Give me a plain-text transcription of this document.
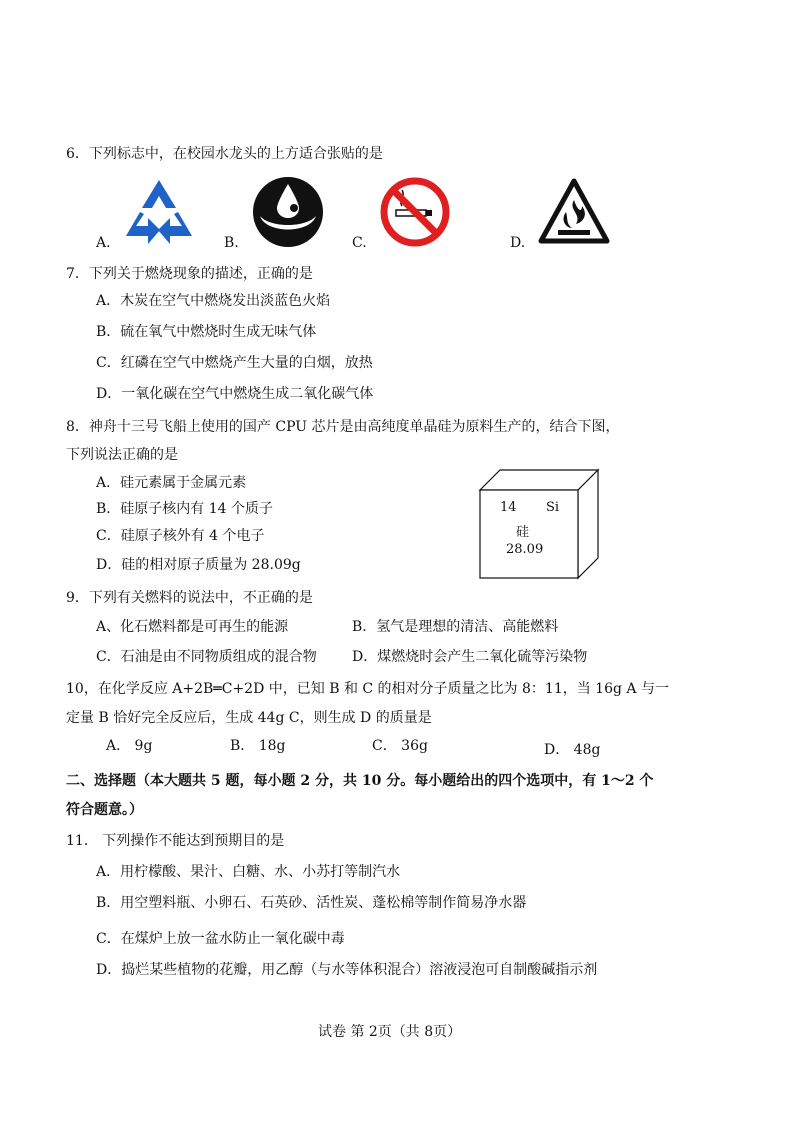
6．下列标志中，在校园水龙头的上方适合张贴的是
A.	B.	C.	D.
7．下列关于燃烧现象的描述，正确的是
A．木炭在空气中燃烧发出淡蓝色火焰
B．硫在氧气中燃烧时生成无味气体
C．红磷在空气中燃烧产生大量的白烟，放热
D．一氧化碳在空气中燃烧生成二氧化碳气体
8．神舟十三号飞船上使用的国产 CPU 芯片是由高纯度单晶硅为原料生产的，结合下图，
下列说法正确的是
A．硅元素属于金属元素
B．硅原子核内有 14 个质子
C．硅原子核外有 4 个电子
D．硅的相对原子质量为 28.09g
14 Si
硅
28.09
9．下列有关燃料的说法中，不正确的是
A、化石燃料都是可再生的能源	B．氢气是理想的清洁、高能燃料
C．石油是由不同物质组成的混合物	D．煤燃烧时会产生二氧化硫等污染物
10，在化学反应 A+2B═C+2D 中，已知 B 和 C 的相对分子质量之比为 8：11，当 16g A 与一
定量 B 恰好完全反应后，生成 44g C，则生成 D 的质量是
A． 9g	B． 18g	C． 36g	D． 48g
二、选择题（本大题共 5 题，每小题 2 分，共 10 分。每小题给出的四个选项中，有 1～2 个
符合题意。）
11． 下列操作不能达到预期目的是
A．用柠檬酸、果汁、白糖、水、小苏打等制汽水
B．用空塑料瓶、小卵石、石英砂、活性炭、蓬松棉等制作简易净水器
C．在煤炉上放一盆水防止一氧化碳中毒
D．捣烂某些植物的花瓣，用乙醇（与水等体积混合）溶液浸泡可自制酸碱指示剂
试卷 第 2页（共 8页）
